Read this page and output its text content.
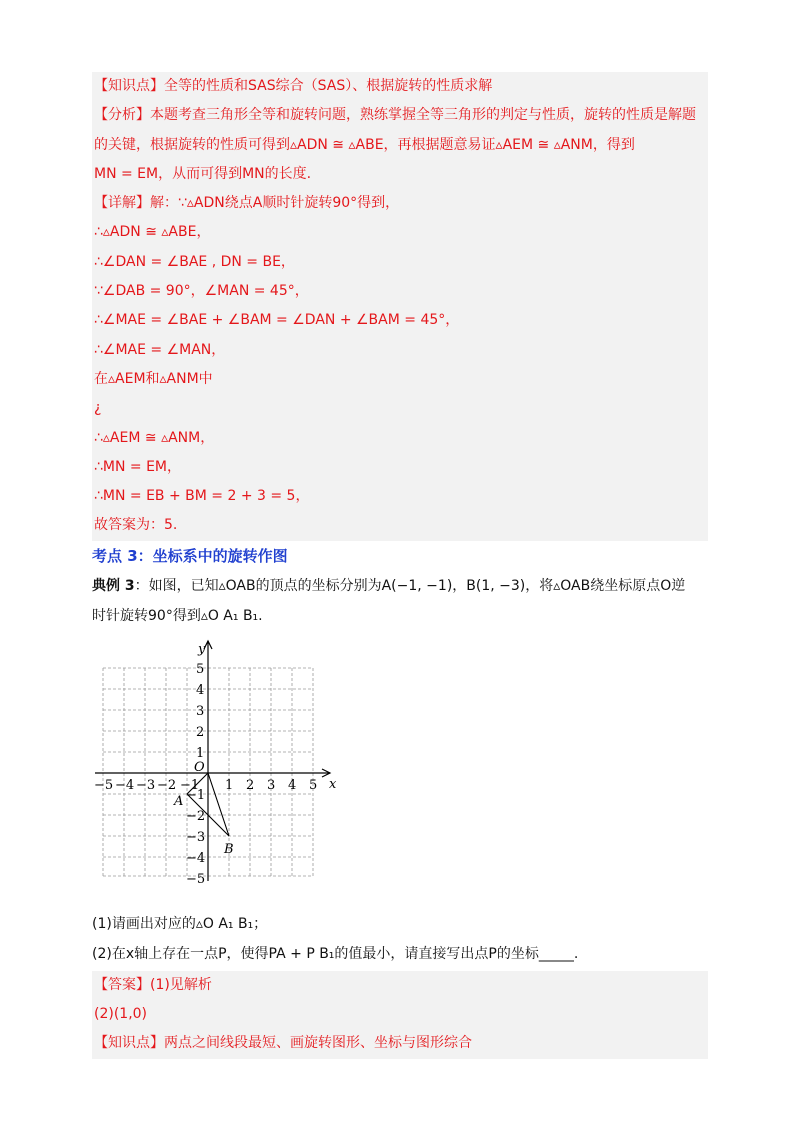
【知识点】全等的性质和SAS综合（SAS）、根据旋转的性质求解
【分析】本题考查三角形全等和旋转问题，熟练掌握全等三角形的判定与性质，旋转的性质是解题
的关键，根据旋转的性质可得到▵ADN ≅ ▵ABE，再根据题意易证▵AEM ≅ ▵ANM，得到
MN = EM，从而可得到MN的长度.
【详解】解：∵▵ADN绕点A顺时针旋转90°得到，
∴▵ADN ≅ ▵ABE，
∴∠DAN = ∠BAE , DN = BE，
∵∠DAB = 90°，∠MAN = 45°，
∴∠MAE = ∠BAE + ∠BAM = ∠DAN + ∠BAM = 45°，
∴∠MAE = ∠MAN，
在▵AEM和▵ANM中
¿
∴▵AEM ≅ ▵ANM，
∴MN = EM，
∴MN = EB + BM = 2 + 3 = 5，
故答案为：5.
考点 3：坐标系中的旋转作图
典例 3：如图，已知▵OAB的顶点的坐标分别为A(−1, −1)，B(1, −3)，将▵OAB绕坐标原点O逆
时针旋转90°得到▵O A₁ B₁.
x
y
O
A
B
−5 −4 −3 −2 −1 1 2 3 4 5
5
4
3
2
1
−1
−2
−3
−4
−5
(1)请画出对应的▵O A₁ B₁；
(2)在x轴上存在一点P，使得PA + P B₁的值最小，请直接写出点P的坐标_____.
【答案】(1)见解析
(2)(1,0)
【知识点】两点之间线段最短、画旋转图形、坐标与图形综合
